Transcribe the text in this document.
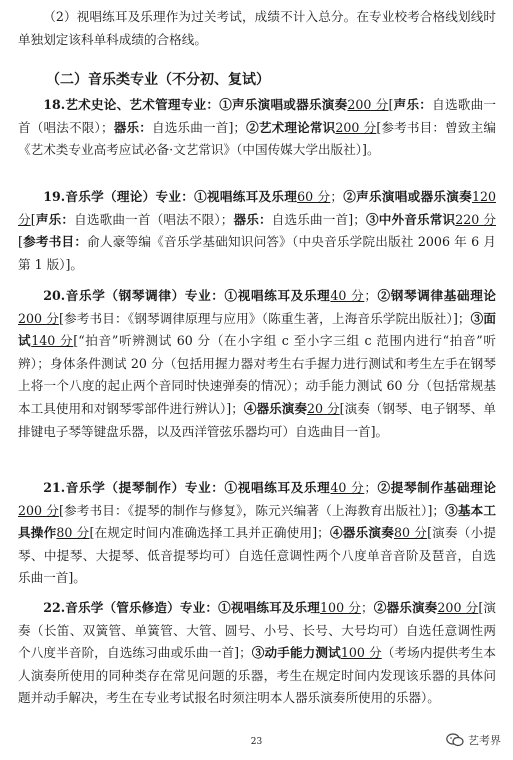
（2）视唱练耳及乐理作为过关考试，成绩不计入总分。在专业校考合格线划线时单独划定该科单科成绩的合格线。

（二）音乐类专业（不分初、复试）

18.艺术史论、艺术管理专业：①声乐演唱或器乐演奏200 分[声乐：自选歌曲一首（唱法不限）；器乐：自选乐曲一首]；②艺术理论常识200 分[参考书目：曾致主编《艺术类专业高考应试必备·文艺常识》（中国传媒大学出版社）]。

19.音乐学（理论）专业：①视唱练耳及乐理60 分；②声乐演唱或器乐演奏120 分[声乐：自选歌曲一首（唱法不限）；器乐：自选乐曲一首]；③中外音乐常识220 分[参考书目：俞人豪等编《音乐学基础知识问答》（中央音乐学院出版社 2006 年 6 月第 1 版）]。

20.音乐学（钢琴调律）专业：①视唱练耳及乐理40 分；②钢琴调律基础理论200 分[参考书目：《钢琴调律原理与应用》（陈重生著，上海音乐学院出版社）]；③面试140 分[“拍音”听辨测试 60 分（在小字组 c 至小字三组 c 范围内进行“拍音”听辨）；身体条件测试 20 分（包括用握力器对考生右手握力进行测试和考生左手在钢琴上将一个八度的起止两个音同时快速弹奏的情况）；动手能力测试 60 分（包括常规基本工具使用和对钢琴零部件进行辨认）]；④器乐演奏20 分[演奏（钢琴、电子钢琴、单排键电子琴等键盘乐器，以及西洋管弦乐器均可）自选曲目一首]。

21.音乐学（提琴制作）专业：①视唱练耳及乐理40 分；②提琴制作基础理论200 分[参考书目：《提琴的制作与修复》，陈元兴编著（上海教育出版社）]；③基本工具操作80 分[在规定时间内准确选择工具并正确使用]；④器乐演奏80 分[演奏（小提琴、中提琴、大提琴、低音提琴均可）自选任意调性两个八度单音音阶及琶音，自选乐曲一首]。

22.音乐学（管乐修造）专业：①视唱练耳及乐理100 分；②器乐演奏200 分[演奏（长笛、双簧管、单簧管、大管、圆号、小号、长号、大号均可）自选任意调性两个八度半音阶，自选练习曲或乐曲一首]；③动手能力测试100 分（考场内提供考生本人演奏所使用的同种类存在常见问题的乐器，考生在规定时间内发现该乐器的具体问题并动手解决，考生在专业考试报名时须注明本人器乐演奏所使用的乐器）。

23	艺考界
